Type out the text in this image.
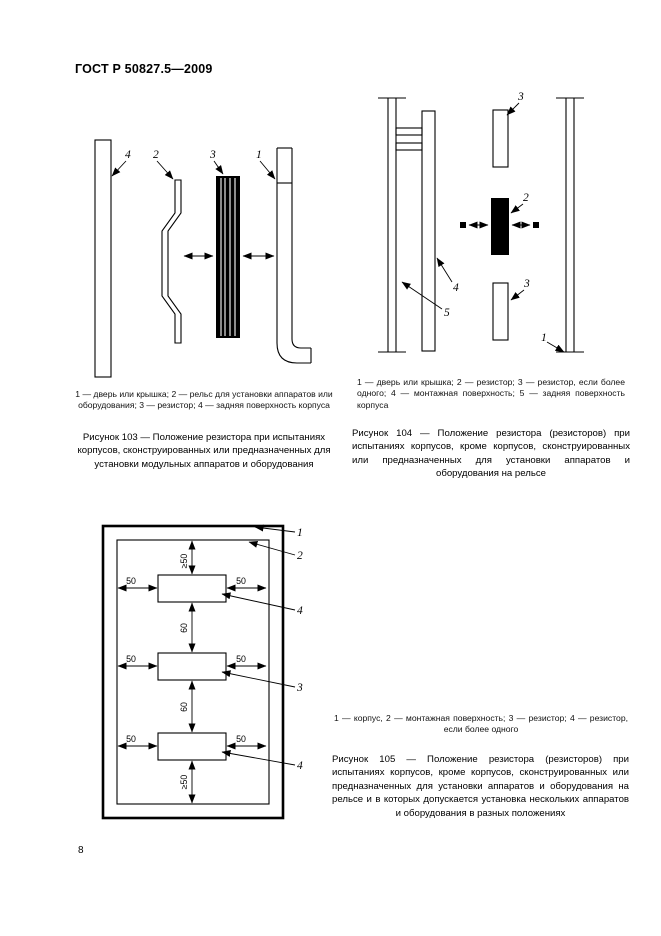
ГОСТ Р 50827.5—2009
4 2	3	1
1 — дверь или крышка; 2 — рельс для установки аппаратов или оборудования; 3 — резистор; 4 — задняя поверхность корпуса
Рисунок 103 — Положение резистора при испытаниях корпусов, сконструированных или предназначенных для установки модульных аппаратов и оборудования
3
2
3
4
5
1
1 — дверь или крышка; 2 — резистор; 3 — резистор, если более одного; 4 — монтажная поверхность; 5 — задняя поверхность корпуса
Рисунок 104 — Положение резистора (резисторов) при испытаниях корпусов, кроме корпусов, сконструированных или предназначенных для установки аппаратов и оборудования на рельсе
≥50
60
60
≥50
50	50
50	50
50	50
1
2
4
3
4
1 — корпус, 2 — монтажная поверхность; 3 — резистор; 4 — резистор, если более одного
Рисунок 105 — Положение резистора (резисторов) при испытаниях корпусов, кроме корпусов, сконструированных или предназначенных для установки аппаратов и оборудования на рельсе и в которых допускается установка нескольких аппаратов и оборудования в разных положениях
8
